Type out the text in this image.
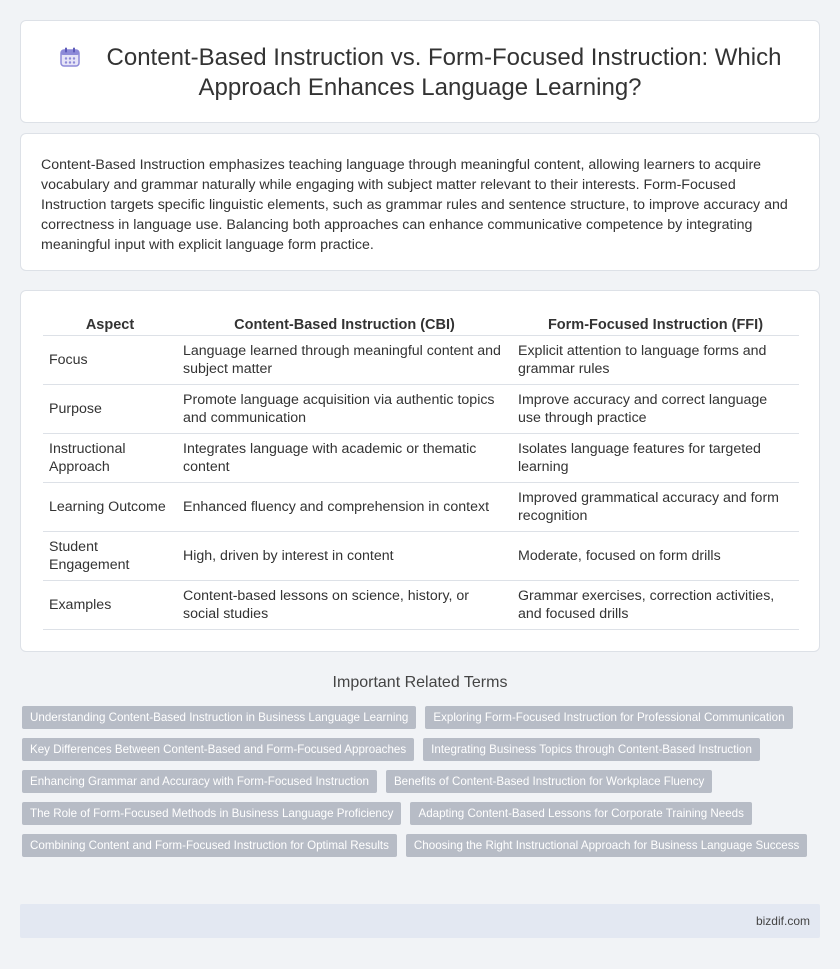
Content-Based Instruction vs. Form-Focused Instruction: Which Approach Enhances Language Learning?

Content-Based Instruction emphasizes teaching language through meaningful content, allowing learners to acquire vocabulary and grammar naturally while engaging with subject matter relevant to their interests. Form-Focused Instruction targets specific linguistic elements, such as grammar rules and sentence structure, to improve accuracy and correctness in language use. Balancing both approaches can enhance communicative competence by integrating meaningful input with explicit language form practice.

Aspect	Content-Based Instruction (CBI)	Form-Focused Instruction (FFI)
Focus	Language learned through meaningful content and subject matter	Explicit attention to language forms and grammar rules
Purpose	Promote language acquisition via authentic topics and communication	Improve accuracy and correct language use through practice
Instructional Approach	Integrates language with academic or thematic content	Isolates language features for targeted learning
Learning Outcome	Enhanced fluency and comprehension in context	Improved grammatical accuracy and form recognition
Student Engagement	High, driven by interest in content	Moderate, focused on form drills
Examples	Content-based lessons on science, history, or social studies	Grammar exercises, correction activities, and focused drills
Important Related Terms
Understanding Content-Based Instruction in Business Language Learning	Exploring Form-Focused Instruction for Professional Communication
Key Differences Between Content-Based and Form-Focused Approaches	Integrating Business Topics through Content-Based Instruction
Enhancing Grammar and Accuracy with Form-Focused Instruction	Benefits of Content-Based Instruction for Workplace Fluency
The Role of Form-Focused Methods in Business Language Proficiency	Adapting Content-Based Lessons for Corporate Training Needs
Combining Content and Form-Focused Instruction for Optimal Results	Choosing the Right Instructional Approach for Business Language Success
bizdif.com
